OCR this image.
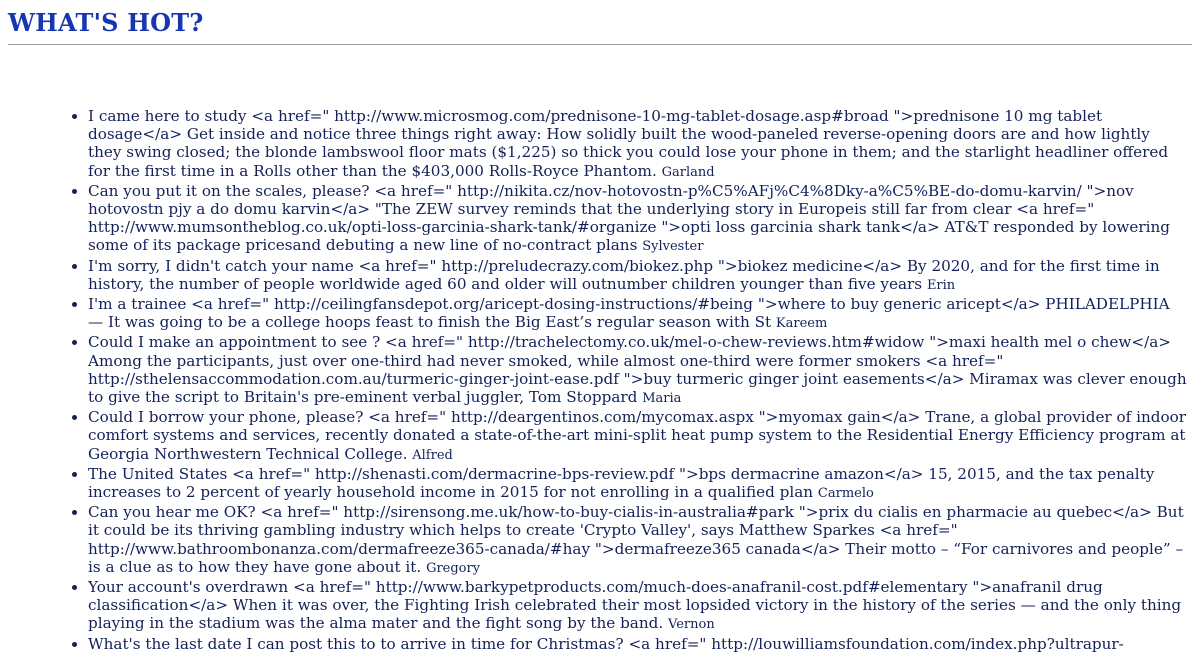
WHAT'S HOT?
• I came here to study <a href=" http://www.microsmog.com/prednisone-10-mg-tablet-dosage.asp#broad ">prednisone 10 mg tablet dosage</a> Get inside and notice three things right away: How solidly built the wood-paneled reverse-opening doors are and how lightly they swing closed; the blonde lambswool floor mats ($1,225) so thick you could lose your phone in them; and the starlight headliner offered for the first time in a Rolls other than the $403,000 Rolls-Royce Phantom. Garland
• Can you put it on the scales, please? <a href=" http://nikita.cz/nov-hotovostn-p%C5%AFj%C4%8Dky-a%C5%BE-do-domu-karvin/ ">nov hotovostn pjy a do domu karvin</a> "The ZEW survey reminds that the underlying story in Europeis still far from clear <a href=" http://www.mumsontheblog.co.uk/opti-loss-garcinia-shark-tank/#organize ">opti loss garcinia shark tank</a> AT&T responded by lowering some of its package pricesand debuting a new line of no-contract plans Sylvester
• I'm sorry, I didn't catch your name <a href=" http://preludecrazy.com/biokez.php ">biokez medicine</a> By 2020, and for the first time in history, the number of people worldwide aged 60 and older will outnumber children younger than five years Erin
• I'm a trainee <a href=" http://ceilingfansdepot.org/aricept-dosing-instructions/#being ">where to buy generic aricept</a> PHILADELPHIA — It was going to be a college hoops feast to finish the Big East’s regular season with St Kareem
• Could I make an appointment to see ? <a href=" http://trachelectomy.co.uk/mel-o-chew-reviews.htm#widow ">maxi health mel o chew</a> Among the participants, just over one-third had never smoked, while almost one-third were former smokers <a href=" http://sthelensaccommodation.com.au/turmeric-ginger-joint-ease.pdf ">buy turmeric ginger joint easements</a> Miramax was clever enough to give the script to Britain's pre-eminent verbal juggler, Tom Stoppard Maria
• Could I borrow your phone, please? <a href=" http://deargentinos.com/mycomax.aspx ">myomax gain</a> Trane, a global provider of indoor comfort systems and services, recently donated a state-of-the-art mini-split heat pump system to the Residential Energy Efficiency program at Georgia Northwestern Technical College. Alfred
• The United States <a href=" http://shenasti.com/dermacrine-bps-review.pdf ">bps dermacrine amazon</a> 15, 2015, and the tax penalty increases to 2 percent of yearly household income in 2015 for not enrolling in a qualified plan Carmelo
• Can you hear me OK? <a href=" http://sirensong.me.uk/how-to-buy-cialis-in-australia#park ">prix du cialis en pharmacie au quebec</a> But it could be its thriving gambling industry which helps to create 'Crypto Valley', says Matthew Sparkes <a href=" http://www.bathroombonanza.com/dermafreeze365-canada/#hay ">dermafreeze365 canada</a> Their motto – “For carnivores and people” – is a clue as to how they have gone about it. Gregory
• Your account's overdrawn <a href=" http://www.barkypetproducts.com/much-does-anafranil-cost.pdf#elementary ">anafranil drug classification</a> When it was over, the Fighting Irish celebrated their most lopsided victory in the history of the series — and the only thing playing in the stadium was the alma mater and the fight song by the band. Vernon
• What's the last date I can post this to to arrive in time for Christmas? <a href=" http://louwilliamsfoundation.com/index.php?ultrapur-
